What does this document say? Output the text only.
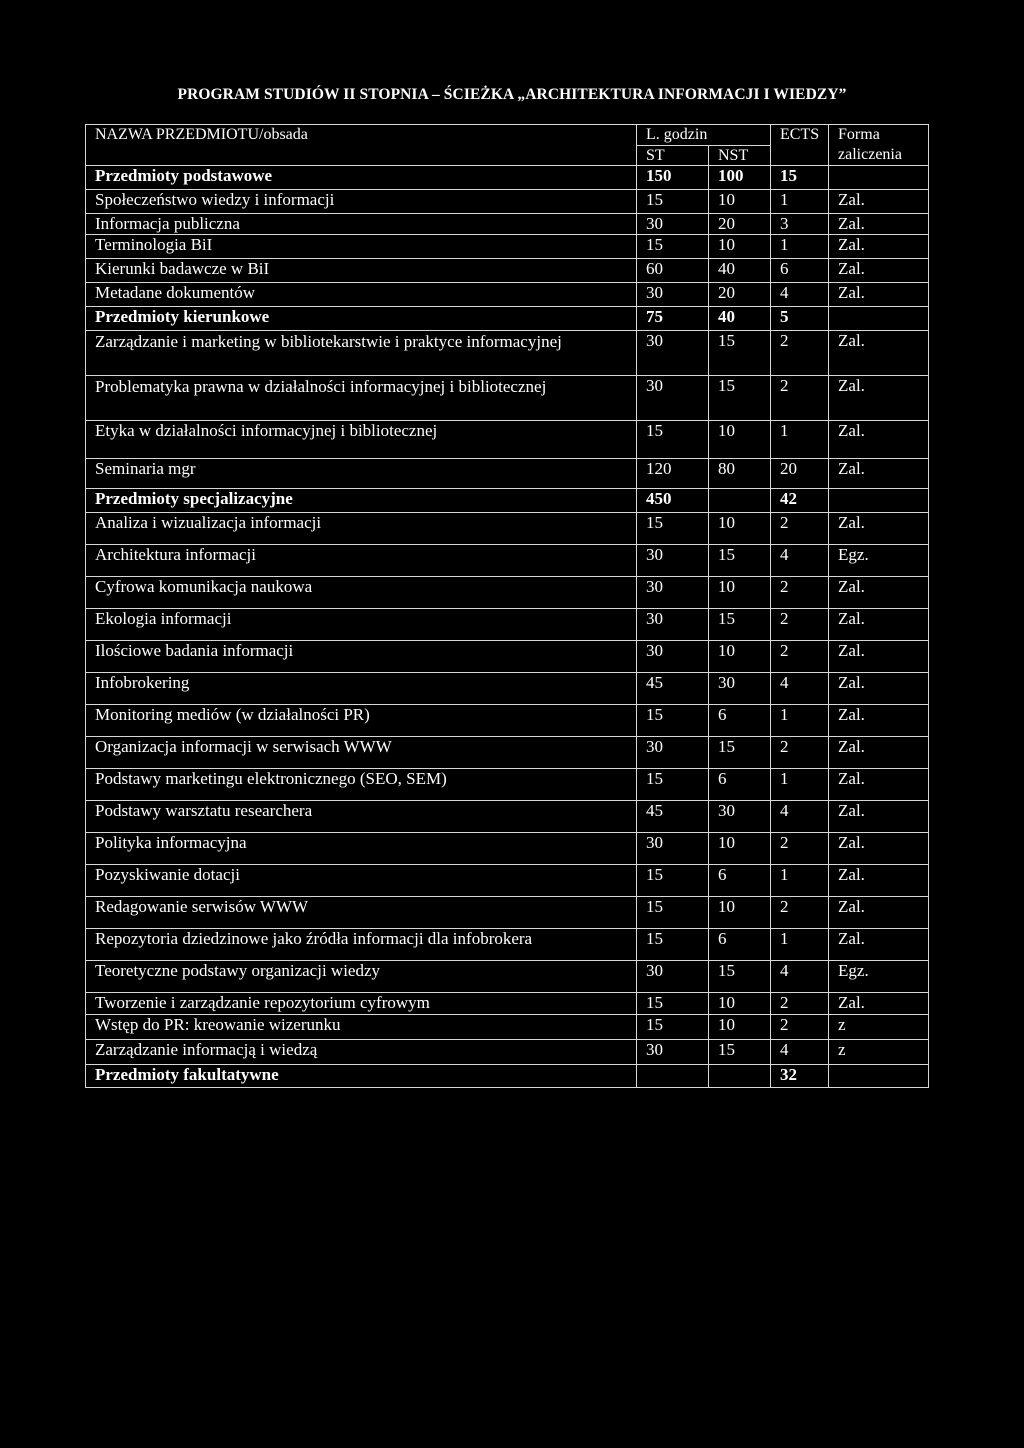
PROGRAM STUDIÓW II STOPNIA – ŚCIEŻKA „ARCHITEKTURA INFORMACJI I WIEDZY”
NAZWA PRZEDMIOTU/obsada	L. godzin		ECTS	Forma zaliczenia
	ST	NST		
Przedmioty podstawowe	150	100	15	
Społeczeństwo wiedzy i informacji	15	10	1	Zal.
Informacja publiczna	30	20	3	Zal.
Terminologia BiI	15	10	1	Zal.
Kierunki badawcze w BiI	60	40	6	Zal.
Metadane dokumentów	30	20	4	Zal.
Przedmioty kierunkowe	75	40	5	
Zarządzanie i marketing w bibliotekarstwie i praktyce informacyjnej	30	15	2	Zal.
Problematyka prawna w działalności informacyjnej i bibliotecznej	30	15	2	Zal.
Etyka w działalności informacyjnej i bibliotecznej	15	10	1	Zal.
Seminaria mgr	120	80	20	Zal.
Przedmioty specjalizacyjne	450		42	
Analiza i wizualizacja informacji	15	10	2	Zal.
Architektura informacji	30	15	4	Egz.
Cyfrowa komunikacja naukowa	30	10	2	Zal.
Ekologia informacji	30	15	2	Zal.
Ilościowe badania informacji	30	10	2	Zal.
Infobrokering	45	30	4	Zal.
Monitoring mediów (w działalności PR)	15	6	1	Zal.
Organizacja informacji w serwisach WWW	30	15	2	Zal.
Podstawy marketingu elektronicznego (SEO, SEM)	15	6	1	Zal.
Podstawy warsztatu researchera	45	30	4	Zal.
Polityka informacyjna	30	10	2	Zal.
Pozyskiwanie dotacji	15	6	1	Zal.
Redagowanie serwisów WWW	15	10	2	Zal.
Repozytoria dziedzinowe jako źródła informacji dla infobrokera	15	6	1	Zal.
Teoretyczne podstawy organizacji wiedzy	30	15	4	Egz.
Tworzenie i zarządzanie repozytorium cyfrowym	15	10	2	Zal.
Wstęp do PR: kreowanie wizerunku	15	10	2	z
Zarządzanie informacją i wiedzą	30	15	4	z
Przedmioty fakultatywne			32	
